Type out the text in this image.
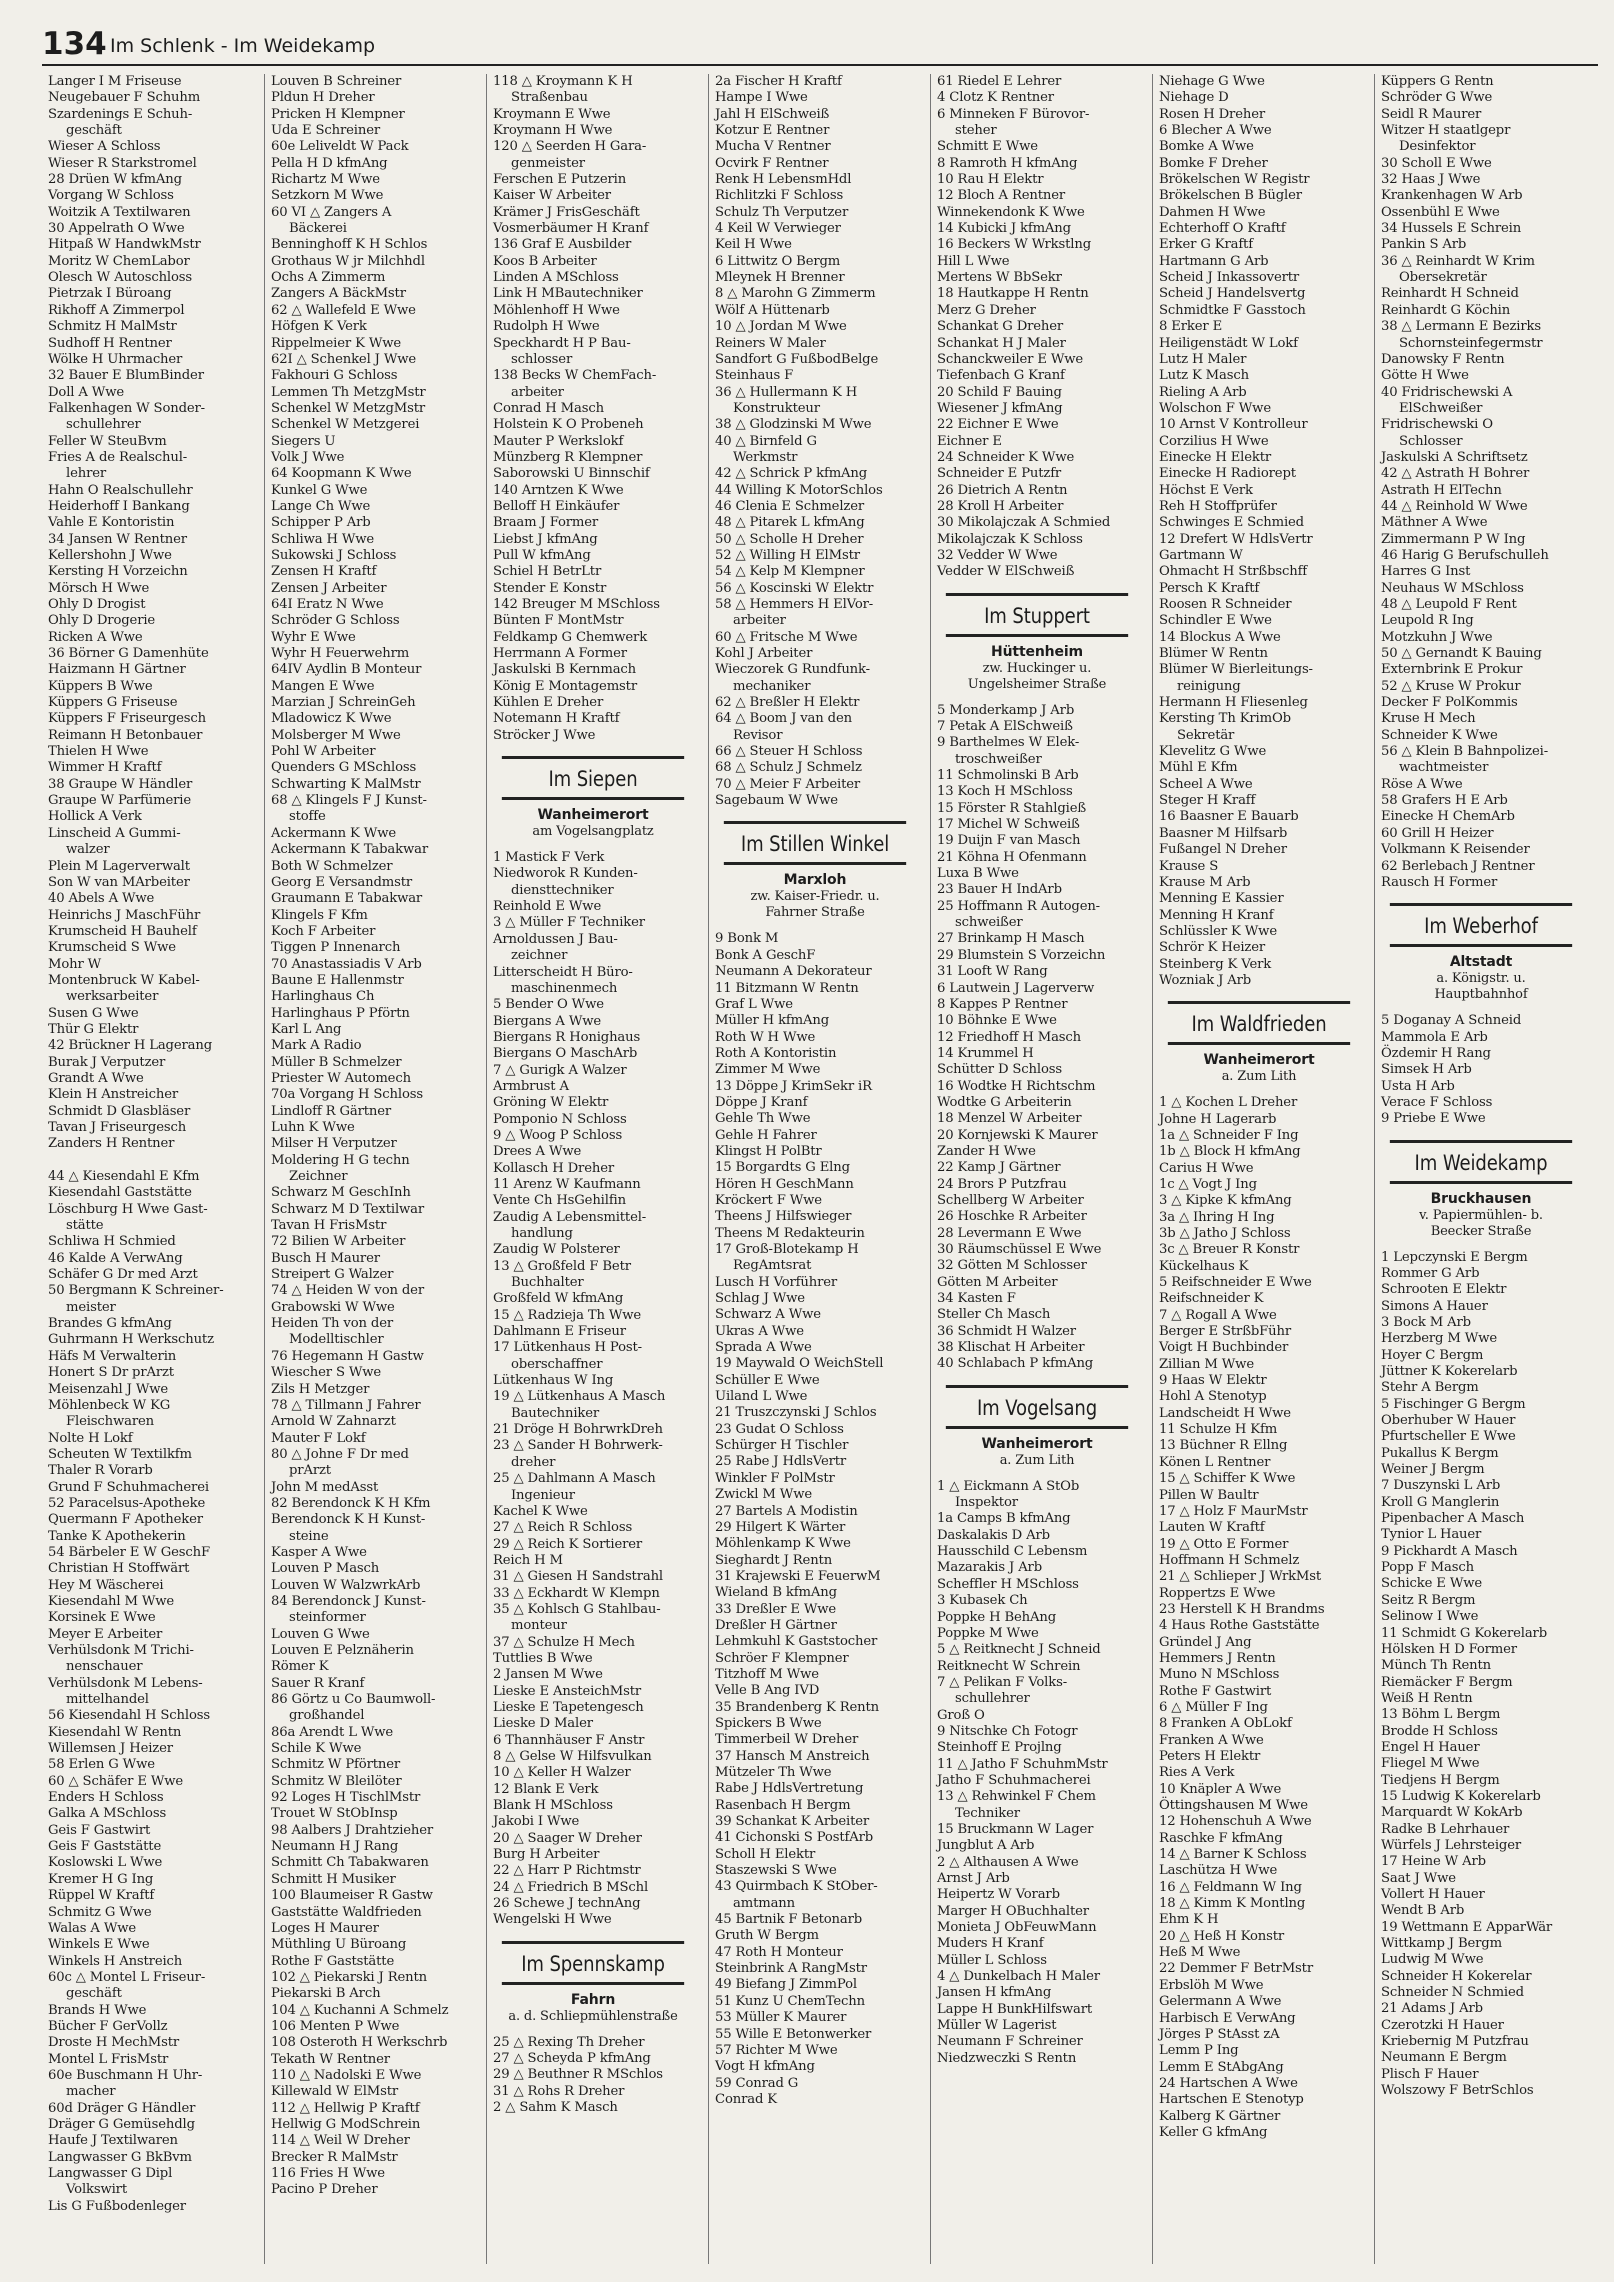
134 Im Schlenk - Im Weidekamp
Langer I M Friseuse
Neugebauer F Schuhm
Szardenings E Schuh-
geschäft
Wieser A Schloss
Wieser R Starkstromel
28 Drüen W kfmAng
Vorgang W Schloss
Woitzik A Textilwaren
30 Appelrath O Wwe
Hitpaß W HandwkMstr
Moritz W ChemLabor
Olesch W Autoschloss
Pietrzak I Büroang
Rikhoff A Zimmerpol
Schmitz H MalMstr
Sudhoff H Rentner
Wölke H Uhrmacher
32 Bauer E BlumBinder
Doll A Wwe
Falkenhagen W Sonder-
schullehrer
Feller W SteuBvm
Fries A de Realschul-
lehrer
Hahn O Realschullehr
Heiderhoff I Bankang
Vahle E Kontoristin
34 Jansen W Rentner
Kellershohn J Wwe
Kersting H Vorzeichn
Mörsch H Wwe
Ohly D Drogist
Ohly D Drogerie
Ricken A Wwe
36 Börner G Damenhüte
Haizmann H Gärtner
Küppers B Wwe
Küppers G Friseuse
Küppers F Friseurgesch
Reimann H Betonbauer
Thielen H Wwe
Wimmer H Kraftf
38 Graupe W Händler
Graupe W Parfümerie
Hollick A Verk
Linscheid A Gummi-
walzer
Plein M Lagerverwalt
Son W van MArbeiter
40 Abels A Wwe
Heinrichs J MaschFühr
Krumscheid H Bauhelf
Krumscheid S Wwe
Mohr W
Montenbruck W Kabel-
werksarbeiter
Susen G Wwe
Thür G Elektr
42 Brückner H Lagerang
Burak J Verputzer
Grandt A Wwe
Klein H Anstreicher
Schmidt D Glasbläser
Tavan J Friseurgesch
Zanders H Rentner

44 △ Kiesendahl E Kfm
Kiesendahl Gaststätte
Löschburg H Wwe Gast-
stätte
Schliwa H Schmied
46 Kalde A VerwAng
Schäfer G Dr med Arzt
50 Bergmann K Schreiner-
meister
Brandes G kfmAng
Guhrmann H Werkschutz
Häfs M Verwalterin
Honert S Dr prArzt
Meisenzahl J Wwe
Möhlenbeck W KG
Fleischwaren
Nolte H Lokf
Scheuten W Textilkfm
Thaler R Vorarb
Grund F Schuhmacherei
52 Paracelsus-Apotheke
Quermann F Apotheker
Tanke K Apothekerin
54 Bärbeler E W GeschF
Christian H Stoffwärt
Hey M Wäscherei
Kiesendahl M Wwe
Korsinek E Wwe
Meyer E Arbeiter
Verhülsdonk M Trichi-
nenschauer
Verhülsdonk M Lebens-
mittelhandel
56 Kiesendahl H Schloss
Kiesendahl W Rentn
Willemsen J Heizer
58 Erlen G Wwe
60 △ Schäfer E Wwe
Enders H Schloss
Galka A MSchloss
Geis F Gastwirt
Geis F Gaststätte
Koslowski L Wwe
Kremer H G Ing
Rüppel W Kraftf
Schmitz G Wwe
Walas A Wwe
Winkels E Wwe
Winkels H Anstreich
60c △ Montel L Friseur-
geschäft
Brands H Wwe
Bücher F GerVollz
Droste H MechMstr
Montel L FrisMstr
60e Buschmann H Uhr-
macher
60d Dräger G Händler
Dräger G Gemüsehdlg
Haufe J Textilwaren
Langwasser G BkBvm
Langwasser G Dipl
Volkswirt
Lis G Fußbodenleger
Louven B Schreiner
Pldun H Dreher
Pricken H Klempner
Uda E Schreiner
60e Leliveldt W Pack
Pella H D kfmAng
Richartz M Wwe
Setzkorn M Wwe
60 VI △ Zangers A
Bäckerei
Benninghoff K H Schlos
Grothaus W jr Milchhdl
Ochs A Zimmerm
Zangers A BäckMstr
62 △ Wallefeld E Wwe
Höfgen K Verk
Rippelmeier K Wwe
62I △ Schenkel J Wwe
Fakhouri G Schloss
Lemmen Th MetzgMstr
Schenkel W MetzgMstr
Schenkel W Metzgerei
Siegers U
Volk J Wwe
64 Koopmann K Wwe
Kunkel G Wwe
Lange Ch Wwe
Schipper P Arb
Schliwa H Wwe
Sukowski J Schloss
Zensen H Kraftf
Zensen J Arbeiter
64I Eratz N Wwe
Schröder G Schloss
Wyhr E Wwe
Wyhr H Feuerwehrm
64IV Aydlin B Monteur
Mangen E Wwe
Marzian J SchreinGeh
Mladowicz K Wwe
Molsberger M Wwe
Pohl W Arbeiter
Quenders G MSchloss
Schwarting K MalMstr
68 △ Klingels F J Kunst-
stoffe
Ackermann K Wwe
Ackermann K Tabakwar
Both W Schmelzer
Georg E Versandmstr
Graumann E Tabakwar
Klingels F Kfm
Koch F Arbeiter
Tiggen P Innenarch
70 Anastassiadis V Arb
Baune E Hallenmstr
Harlinghaus Ch
Harlinghaus P Pförtn
Karl L Ang
Mark A Radio
Müller B Schmelzer
Priester W Automech
70a Vorgang H Schloss
Lindloff R Gärtner
Luhn K Wwe
Milser H Verputzer
Moldering H G techn
Zeichner
Schwarz M GeschInh
Schwarz M D Textilwar
Tavan H FrisMstr
72 Bilien W Arbeiter
Busch H Maurer
Streipert G Walzer
74 △ Heiden W von der
Grabowski W Wwe
Heiden Th von der
Modelltischler
76 Hegemann H Gastw
Wiescher S Wwe
Zils H Metzger
78 △ Tillmann J Fahrer
Arnold W Zahnarzt
Mauter F Lokf
80 △ Johne F Dr med
prArzt
John M medAsst
82 Berendonck K H Kfm
Berendonck K H Kunst-
steine
Kasper A Wwe
Louven P Masch
Louven W WalzwrkArb
84 Berendonck J Kunst-
steinformer
Louven G Wwe
Louven E Pelznäherin
Römer K
Sauer R Kranf
86 Görtz u Co Baumwoll-
großhandel
86a Arendt L Wwe
Schile K Wwe
Schmitz W Pförtner
Schmitz W Bleilöter
92 Loges H TischlMstr
Trouet W StObInsp
98 Aalbers J Drahtzieher
Neumann H J Rang
Schmitt Ch Tabakwaren
Schmitt H Musiker
100 Blaumeiser R Gastw
Gaststätte Waldfrieden
Loges H Maurer
Müthling U Büroang
Rothe F Gaststätte
102 △ Piekarski J Rentn
Piekarski B Arch
104 △ Kuchanni A Schmelz
106 Menten P Wwe
108 Osteroth H Werkschrb
Tekath W Rentner
110 △ Nadolski E Wwe
Killewald W ElMstr
112 △ Hellwig P Kraftf
Hellwig G ModSchrein
114 △ Weil W Dreher
Brecker R MalMstr
116 Fries H Wwe
Pacino P Dreher
118 △ Kroymann K H
Straßenbau
Kroymann E Wwe
Kroymann H Wwe
120 △ Seerden H Gara-
genmeister
Ferschen E Putzerin
Kaiser W Arbeiter
Krämer J FrisGeschäft
Vosmerbäumer H Kranf
136 Graf E Ausbilder
Koos B Arbeiter
Linden A MSchloss
Link H MBautechniker
Möhlenhoff H Wwe
Rudolph H Wwe
Speckhardt H P Bau-
schlosser
138 Becks W ChemFach-
arbeiter
Conrad H Masch
Holstein K O Probeneh
Mauter P Werkslokf
Münzberg R Klempner
Saborowski U Binnschif
140 Arntzen K Wwe
Belloff H Einkäufer
Braam J Former
Liebst J kfmAng
Pull W kfmAng
Schiel H BetrLtr
Stender E Konstr
142 Breuger M MSchloss
Bünten F MontMstr
Feldkamp G Chemwerk
Herrmann A Former
Jaskulski B Kernmach
König E Montagemstr
Kühlen E Dreher
Notemann H Kraftf
Ströcker J Wwe
Im Siepen
Wanheimerort
am Vogelsangplatz
1 Mastick F Verk
Niedworok R Kunden-
diensttechniker
Reinhold E Wwe
3 △ Müller F Techniker
Arnoldussen J Bau-
zeichner
Litterscheidt H Büro-
maschinenmech
5 Bender O Wwe
Biergans A Wwe
Biergans R Honighaus
Biergans O MaschArb
7 △ Gurigk A Walzer
Armbrust A
Gröning W Elektr
Pomponio N Schloss
9 △ Woog P Schloss
Drees A Wwe
Kollasch H Dreher
11 Arenz W Kaufmann
Vente Ch HsGehilfin
Zaudig A Lebensmittel-
handlung
Zaudig W Polsterer
13 △ Großfeld F Betr
Buchhalter
Großfeld W kfmAng
15 △ Radzieja Th Wwe
Dahlmann E Friseur
17 Lütkenhaus H Post-
oberschaffner
Lütkenhaus W Ing
19 △ Lütkenhaus A Masch
Bautechniker
21 Dröge H BohrwrkDreh
23 △ Sander H Bohrwerk-
dreher
25 △ Dahlmann A Masch
Ingenieur
Kachel K Wwe
27 △ Reich R Schloss
29 △ Reich K Sortierer
Reich H M
31 △ Giesen H Sandstrahl
33 △ Eckhardt W Klempn
35 △ Kohlsch G Stahlbau-
monteur
37 △ Schulze H Mech
Tuttlies B Wwe
2 Jansen M Wwe
Lieske E AnsteichMstr
Lieske E Tapetengesch
Lieske D Maler
6 Thannhäuser F Anstr
8 △ Gelse W Hilfsvulkan
10 △ Keller H Walzer
12 Blank E Verk
Blank H MSchloss
Jakobi I Wwe
20 △ Saager W Dreher
Burg H Arbeiter
22 △ Harr P Richtmstr
24 △ Friedrich B MSchl
26 Schewe J technAng
Wengelski H Wwe
Im Spennskamp
Fahrn
a. d. Schliepmühlenstraße
25 △ Rexing Th Dreher
27 △ Scheyda P kfmAng
29 △ Beuthner R MSchlos
31 △ Rohs R Dreher
2 △ Sahm K Masch
2a Fischer H Kraftf
Hampe I Wwe
Jahl H ElSchweiß
Kotzur E Rentner
Mucha V Rentner
Ocvirk F Rentner
Renk H LebensmHdl
Richlitzki F Schloss
Schulz Th Verputzer
4 Keil W Verwieger
Keil H Wwe
6 Littwitz O Bergm
Mleynek H Brenner
8 △ Marohn G Zimmerm
Wölf A Hüttenarb
10 △ Jordan M Wwe
Reiners W Maler
Sandfort G FußbodBelge
Steinhaus F
36 △ Hullermann K H
Konstrukteur
38 △ Glodzinski M Wwe
40 △ Birnfeld G
Werkmstr
42 △ Schrick P kfmAng
44 Willing K MotorSchlos
46 Clenia E Schmelzer
48 △ Pitarek L kfmAng
50 △ Scholle H Dreher
52 △ Willing H ElMstr
54 △ Kelp M Klempner
56 △ Koscinski W Elektr
58 △ Hemmers H ElVor-
arbeiter
60 △ Fritsche M Wwe
Kohl J Arbeiter
Wieczorek G Rundfunk-
mechaniker
62 △ Breßler H Elektr
64 △ Boom J van den
Revisor
66 △ Steuer H Schloss
68 △ Schulz J Schmelz
70 △ Meier F Arbeiter
Sagebaum W Wwe
Im Stillen Winkel
Marxloh
zw. Kaiser-Friedr. u.
Fahrner Straße
9 Bonk M
Bonk A GeschF
Neumann A Dekorateur
11 Bitzmann W Rentn
Graf L Wwe
Müller H kfmAng
Roth W H Wwe
Roth A Kontoristin
Zimmer M Wwe
13 Döppe J KrimSekr iR
Döppe J Kranf
Gehle Th Wwe
Gehle H Fahrer
Klingst H PolBtr
15 Borgardts G Elng
Hören H GeschMann
Kröckert F Wwe
Theens J Hilfswieger
Theens M Redakteurin
17 Groß-Blotekamp H
RegAmtsrat
Lusch H Vorführer
Schlag J Wwe
Schwarz A Wwe
Ukras A Wwe
Sprada A Wwe
19 Maywald O WeichStell
Schüller E Wwe
Uiland L Wwe
21 Truszczynski J Schlos
23 Gudat O Schloss
Schürger H Tischler
25 Rabe J HdlsVertr
Winkler F PolMstr
Zwickl M Wwe
27 Bartels A Modistin
29 Hilgert K Wärter
Möhlenkamp K Wwe
Sieghardt J Rentn
31 Krajewski E FeuerwM
Wieland B kfmAng
33 Dreßler E Wwe
Dreßler H Gärtner
Lehmkuhl K Gaststocher
Schröer F Klempner
Titzhoff M Wwe
Velle B Ang IVD
35 Brandenberg K Rentn
Spickers B Wwe
Timmerbeil W Dreher
37 Hansch M Anstreich
Mützeler Th Wwe
Rabe J HdlsVertretung
Rasenbach H Bergm
39 Schankat K Arbeiter
41 Cichonski S PostfArb
Scholl H Elektr
Staszewski S Wwe
43 Quirmbach K StOber-
amtmann
45 Bartnik F Betonarb
Gruth W Bergm
47 Roth H Monteur
Steinbrink A RangMstr
49 Biefang J ZimmPol
51 Kunz U ChemTechn
53 Müller K Maurer
55 Wille E Betonwerker
57 Richter M Wwe
Vogt H kfmAng
59 Conrad G
Conrad K
61 Riedel E Lehrer
4 Clotz K Rentner
6 Minneken F Bürovor-
steher
Schmitt E Wwe
8 Ramroth H kfmAng
10 Rau H Elektr
12 Bloch A Rentner
Winnekendonk K Wwe
14 Kubicki J kfmAng
16 Beckers W Wrkstlng
Hill L Wwe
Mertens W BbSekr
18 Hautkappe H Rentn
Merz G Dreher
Schankat G Dreher
Schankat H J Maler
Schanckweiler E Wwe
Tiefenbach G Kranf
20 Schild F Bauing
Wiesener J kfmAng
22 Eichner E Wwe
Eichner E
24 Schneider K Wwe
Schneider E Putzfr
26 Dietrich A Rentn
28 Kroll H Arbeiter
30 Mikolajczak A Schmied
Mikolajczak K Schloss
32 Vedder W Wwe
Vedder W ElSchweiß
Im Stuppert
Hüttenheim
zw. Huckinger u.
Ungelsheimer Straße
5 Monderkamp J Arb
7 Petak A ElSchweiß
9 Barthelmes W Elek-
troschweißer
11 Schmolinski B Arb
13 Koch H MSchloss
15 Förster R Stahlgieß
17 Michel W Schweiß
19 Duijn F van Masch
21 Köhna H Ofenmann
Luxa B Wwe
23 Bauer H IndArb
25 Hoffmann R Autogen-
schweißer
27 Brinkamp H Masch
29 Blumstein S Vorzeichn
31 Looft W Rang
6 Lautwein J Lagerverw
8 Kappes P Rentner
10 Böhnke E Wwe
12 Friedhoff H Masch
14 Krummel H
Schütter D Schloss
16 Wodtke H Richtschm
Wodtke G Arbeiterin
18 Menzel W Arbeiter
20 Kornjewski K Maurer
Zander H Wwe
22 Kamp J Gärtner
24 Brors P Putzfrau
Schellberg W Arbeiter
26 Hoschke R Arbeiter
28 Levermann E Wwe
30 Räumschüssel E Wwe
32 Götten M Schlosser
Götten M Arbeiter
34 Kasten F
Steller Ch Masch
36 Schmidt H Walzer
38 Klischat H Arbeiter
40 Schlabach P kfmAng
Im Vogelsang
Wanheimerort
a. Zum Lith
1 △ Eickmann A StOb
Inspektor
1a Camps B kfmAng
Daskalakis D Arb
Hausschild C Lebensm
Mazarakis J Arb
Scheffler H MSchloss
3 Kubasek Ch
Poppke H BehAng
Poppke M Wwe
5 △ Reitknecht J Schneid
Reitknecht W Schrein
7 △ Pelikan F Volks-
schullehrer
Groß O
9 Nitschke Ch Fotogr
Steinhoff E Projlng
11 △ Jatho F SchuhmMstr
Jatho F Schuhmacherei
13 △ Rehwinkel F Chem
Techniker
15 Bruckmann W Lager
Jungblut A Arb
2 △ Althausen A Wwe
Arnst J Arb
Heipertz W Vorarb
Marger H OBuchhalter
Monieta J ObFeuwMann
Muders H Kranf
Müller L Schloss
4 △ Dunkelbach H Maler
Jansen H kfmAng
Lappe H BunkHilfswart
Müller W Lagerist
Neumann F Schreiner
Niedzweczki S Rentn
Niehage G Wwe
Niehage D
Rosen H Dreher
6 Blecher A Wwe
Bomke A Wwe
Bomke F Dreher
Brökelschen W Registr
Brökelschen B Bügler
Dahmen H Wwe
Echterhoff O Kraftf
Erker G Kraftf
Hartmann G Arb
Scheid J Inkassovertr
Scheid J Handelsvertg
Schmidtke F Gasstoch
8 Erker E
Heiligenstädt W Lokf
Lutz H Maler
Lutz K Masch
Rieling A Arb
Wolschon F Wwe
10 Arnst V Kontrolleur
Corzilius H Wwe
Einecke H Elektr
Einecke H Radiorept
Höchst E Verk
Reh H Stoffprüfer
Schwinges E Schmied
12 Drefert W HdlsVertr
Gartmann W
Ohmacht H Strßbschff
Persch K Kraftf
Roosen R Schneider
Schindler E Wwe
14 Blockus A Wwe
Blümer W Rentn
Blümer W Bierleitungs-
reinigung
Hermann H Fliesenleg
Kersting Th KrimOb
Sekretär
Klevelitz G Wwe
Mühl E Kfm
Scheel A Wwe
Steger H Kraff
16 Baasner E Bauarb
Baasner M Hilfsarb
Fußangel N Dreher
Krause S
Krause M Arb
Menning E Kassier
Menning H Kranf
Schlüssler K Wwe
Schrör K Heizer
Steinberg K Verk
Wozniak J Arb
Im Waldfrieden
Wanheimerort
a. Zum Lith
1 △ Kochen L Dreher
Johne H Lagerarb
1a △ Schneider F Ing
1b △ Block H kfmAng
Carius H Wwe
1c △ Vogt J Ing
3 △ Kipke K kfmAng
3a △ Ihring H Ing
3b △ Jatho J Schloss
3c △ Breuer R Konstr
Kückelhaus K
5 Reifschneider E Wwe
Reifschneider K
7 △ Rogall A Wwe
Berger E StrßbFühr
Voigt H Buchbinder
Zillian M Wwe
9 Haas W Elektr
Hohl A Stenotyp
Landscheidt H Wwe
11 Schulze H Kfm
13 Büchner R Ellng
Könen L Rentner
15 △ Schiffer K Wwe
Pillen W Baultr
17 △ Holz F MaurMstr
Lauten W Kraftf
19 △ Otto E Former
Hoffmann H Schmelz
21 △ Schlieper J WrkMst
Roppertzs E Wwe
23 Herstell K H Brandms
4 Haus Rothe Gaststätte
Gründel J Ang
Hemmers J Rentn
Muno N MSchloss
Rothe F Gastwirt
6 △ Müller F Ing
8 Franken A ObLokf
Franken A Wwe
Peters H Elektr
Ries A Verk
10 Knäpler A Wwe
Öttingshausen M Wwe
12 Hohenschuh A Wwe
Raschke F kfmAng
14 △ Barner K Schloss
Laschütza H Wwe
16 △ Feldmann W Ing
18 △ Kimm K Montlng
Ehm K H
20 △ Heß H Konstr
Heß M Wwe
22 Demmer F BetrMstr
Erbslöh M Wwe
Gelermann A Wwe
Harbisch E VerwAng
Jörges P StAsst zA
Lemm P Ing
Lemm E StAbgAng
24 Hartschen A Wwe
Hartschen E Stenotyp
Kalberg K Gärtner
Keller G kfmAng
Küppers G Rentn
Schröder G Wwe
Seidl R Maurer
Witzer H staatlgepr
Desinfektor
30 Scholl E Wwe
32 Haas J Wwe
Krankenhagen W Arb
Ossenbühl E Wwe
34 Hussels E Schrein
Pankin S Arb
36 △ Reinhardt W Krim
Obersekretär
Reinhardt H Schneid
Reinhardt G Köchin
38 △ Lermann E Bezirks
Schornsteinfegermstr
Danowsky F Rentn
Götte H Wwe
40 Fridrischewski A
ElSchweißer
Fridrischewski O
Schlosser
Jaskulski A Schriftsetz
42 △ Astrath H Bohrer
Astrath H ElTechn
44 △ Reinhold W Wwe
Mäthner A Wwe
Zimmermann P W Ing
46 Harig G Berufschulleh
Harres G Inst
Neuhaus W MSchloss
48 △ Leupold F Rent
Leupold R Ing
Motzkuhn J Wwe
50 △ Gernandt K Bauing
Externbrink E Prokur
52 △ Kruse W Prokur
Decker F PolKommis
Kruse H Mech
Schneider K Wwe
56 △ Klein B Bahnpolizei-
wachtmeister
Röse A Wwe
58 Grafers H E Arb
Einecke H ChemArb
60 Grill H Heizer
Volkmann K Reisender
62 Berlebach J Rentner
Rausch H Former
Im Weberhof
Altstadt
a. Königstr. u.
Hauptbahnhof
5 Doganay A Schneid
Mammola E Arb
Özdemir H Rang
Simsek H Arb
Usta H Arb
Verace F Schloss
9 Priebe E Wwe
Im Weidekamp
Bruckhausen
v. Papiermühlen- b.
Beecker Straße
1 Lepczynski E Bergm
Rommer G Arb
Schrooten E Elektr
Simons A Hauer
3 Bock M Arb
Herzberg M Wwe
Hoyer C Bergm
Jüttner K Kokerelarb
Stehr A Bergm
5 Fischinger G Bergm
Oberhuber W Hauer
Pfurtscheller E Wwe
Pukallus K Bergm
Weiner J Bergm
7 Duszynski L Arb
Kroll G Manglerin
Pipenbacher A Masch
Tynior L Hauer
9 Pickhardt A Masch
Popp F Masch
Schicke E Wwe
Seitz R Bergm
Selinow I Wwe
11 Schmidt G Kokerelarb
Hölsken H D Former
Münch Th Rentn
Riemäcker F Bergm
Weiß H Rentn
13 Böhm L Bergm
Brodde H Schloss
Engel H Hauer
Fliegel M Wwe
Tiedjens H Bergm
15 Ludwig K Kokerelarb
Marquardt W KokArb
Radke B Lehrhauer
Würfels J Lehrsteiger
17 Heine W Arb
Saat J Wwe
Vollert H Hauer
Wendt B Arb
19 Wettmann E ApparWär
Wittkamp J Bergm
Ludwig M Wwe
Schneider H Kokerelar
Schneider N Schmied
21 Adams J Arb
Czerotzki H Hauer
Kriebernig M Putzfrau
Neumann E Bergm
Plisch F Hauer
Wolszowy F BetrSchlos
